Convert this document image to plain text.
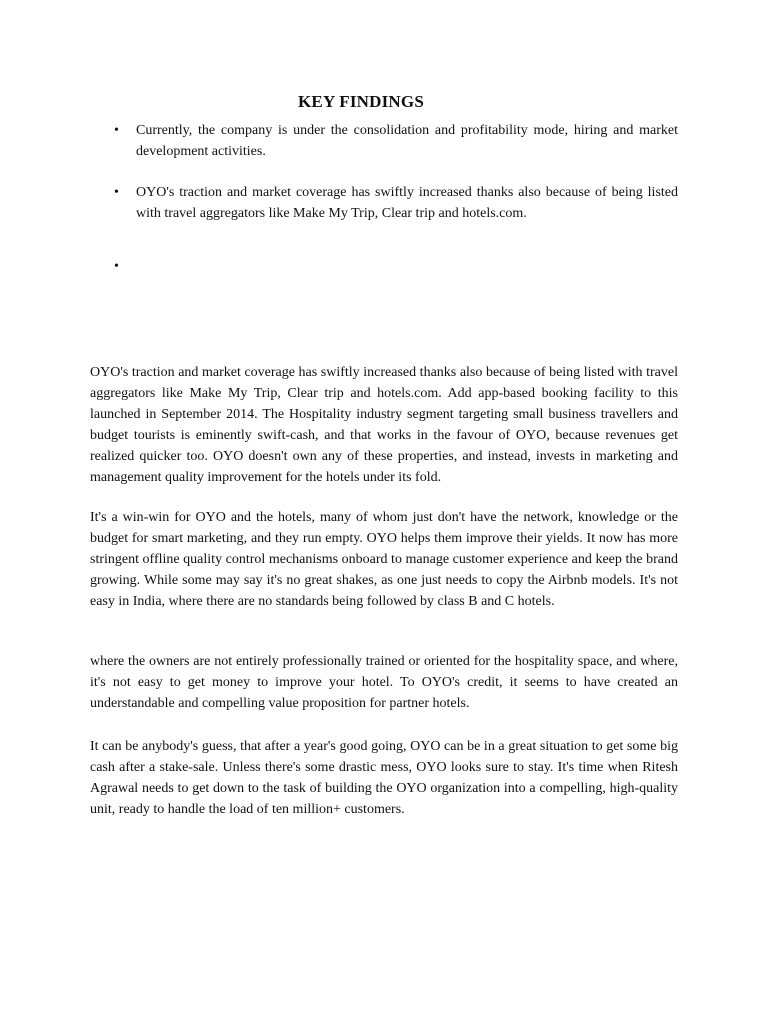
KEY FINDINGS
• Currently, the company is under the consolidation and profitability mode, hiring and market development activities.
• OYO's traction and market coverage has swiftly increased thanks also because of being listed with travel aggregators like Make My Trip, Clear trip and hotels.com.
•

OYO's traction and market coverage has swiftly increased thanks also because of being listed with travel aggregators like Make My Trip, Clear trip and hotels.com. Add app-based booking facility to this launched in September 2014. The Hospitality industry segment targeting small business travellers and budget tourists is eminently swift-cash, and that works in the favour of OYO, because revenues get realized quicker too. OYO doesn't own any of these properties, and instead, invests in marketing and management quality improvement for the hotels under its fold.

It's a win-win for OYO and the hotels, many of whom just don't have the network, knowledge or the budget for smart marketing, and they run empty. OYO helps them improve their yields. It now has more stringent offline quality control mechanisms onboard to manage customer experience and keep the brand growing. While some may say it's no great shakes, as one just needs to copy the Airbnb models. It's not easy in India, where there are no standards being followed by class B and C hotels.

where the owners are not entirely professionally trained or oriented for the hospitality space, and where, it's not easy to get money to improve your hotel. To OYO's credit, it seems to have created an understandable and compelling value proposition for partner hotels.

It can be anybody's guess, that after a year's good going, OYO can be in a great situation to get some big cash after a stake-sale. Unless there's some drastic mess, OYO looks sure to stay. It's time when Ritesh Agrawal needs to get down to the task of building the OYO organization into a compelling, high-quality unit, ready to handle the load of ten million+ customers.
